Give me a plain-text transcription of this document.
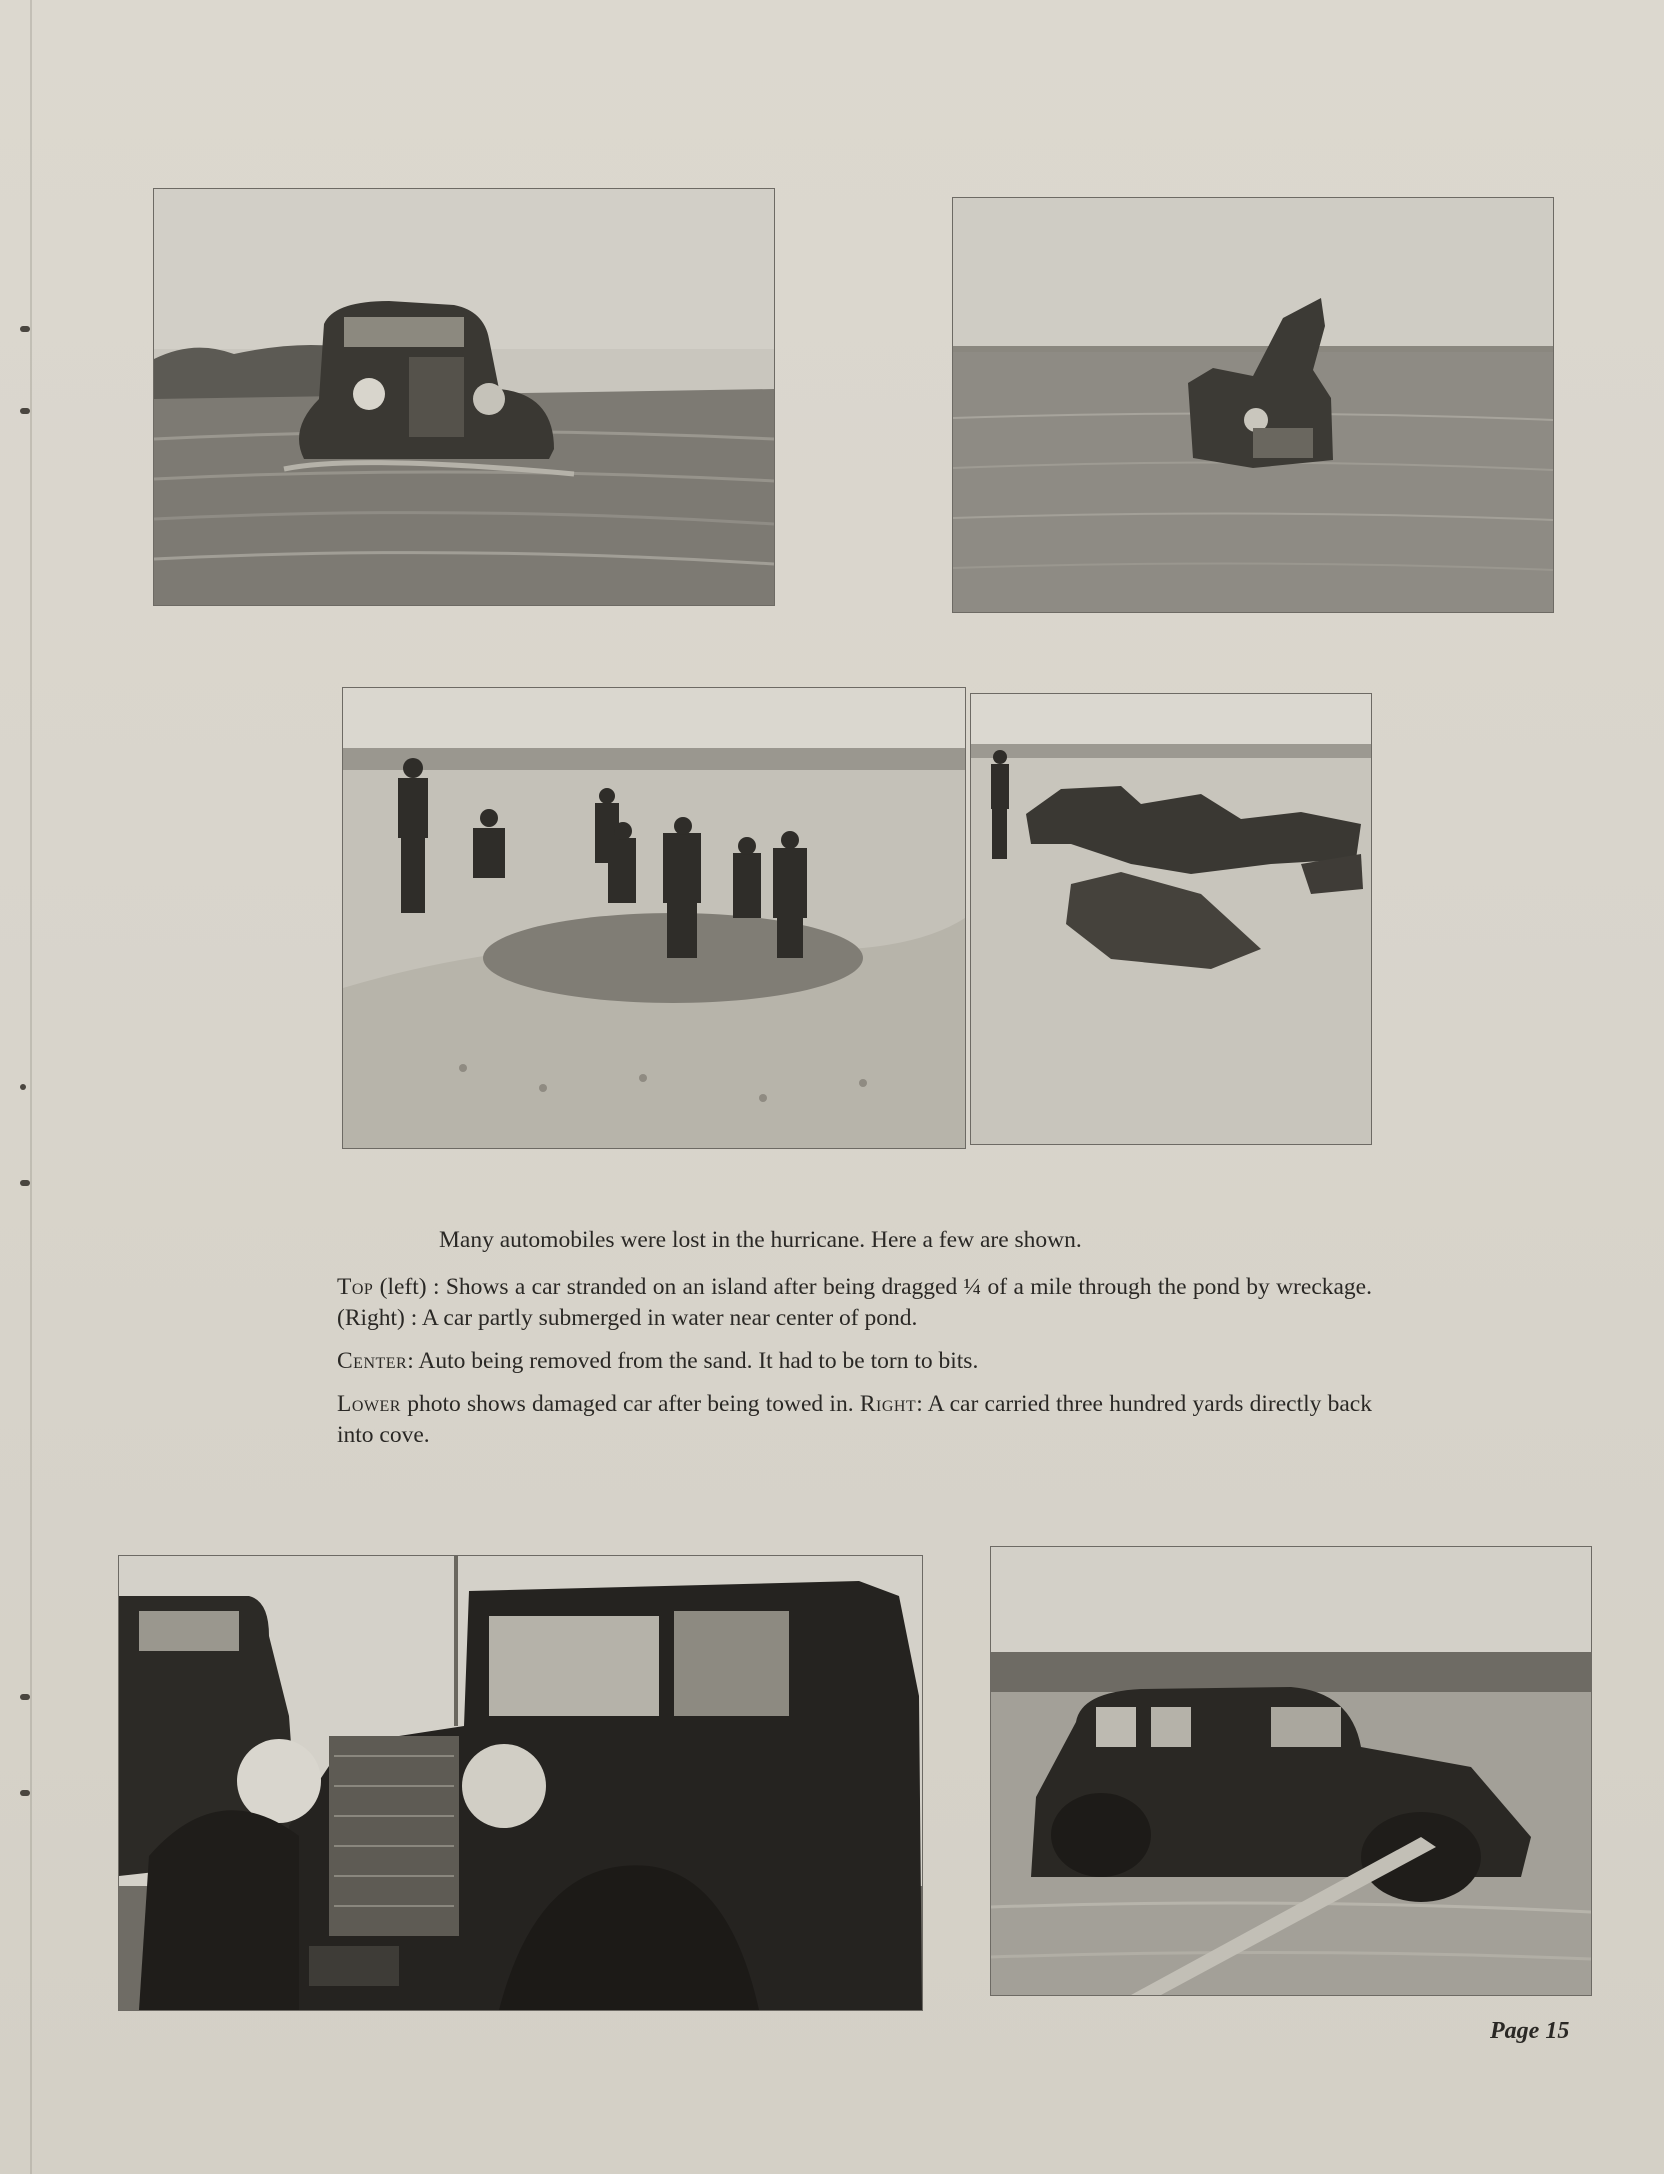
Many automobiles were lost in the hurricane. Here a few are shown.

Top (left) : Shows a car stranded on an island after being dragged ¼ of a mile through the pond by wreckage. (Right) : A car partly submerged in water near center of pond.

Center: Auto being removed from the sand. It had to be torn to bits.

Lower photo shows damaged car after being towed in. Right: A car carried three hundred yards directly back into cove.

Page 15
